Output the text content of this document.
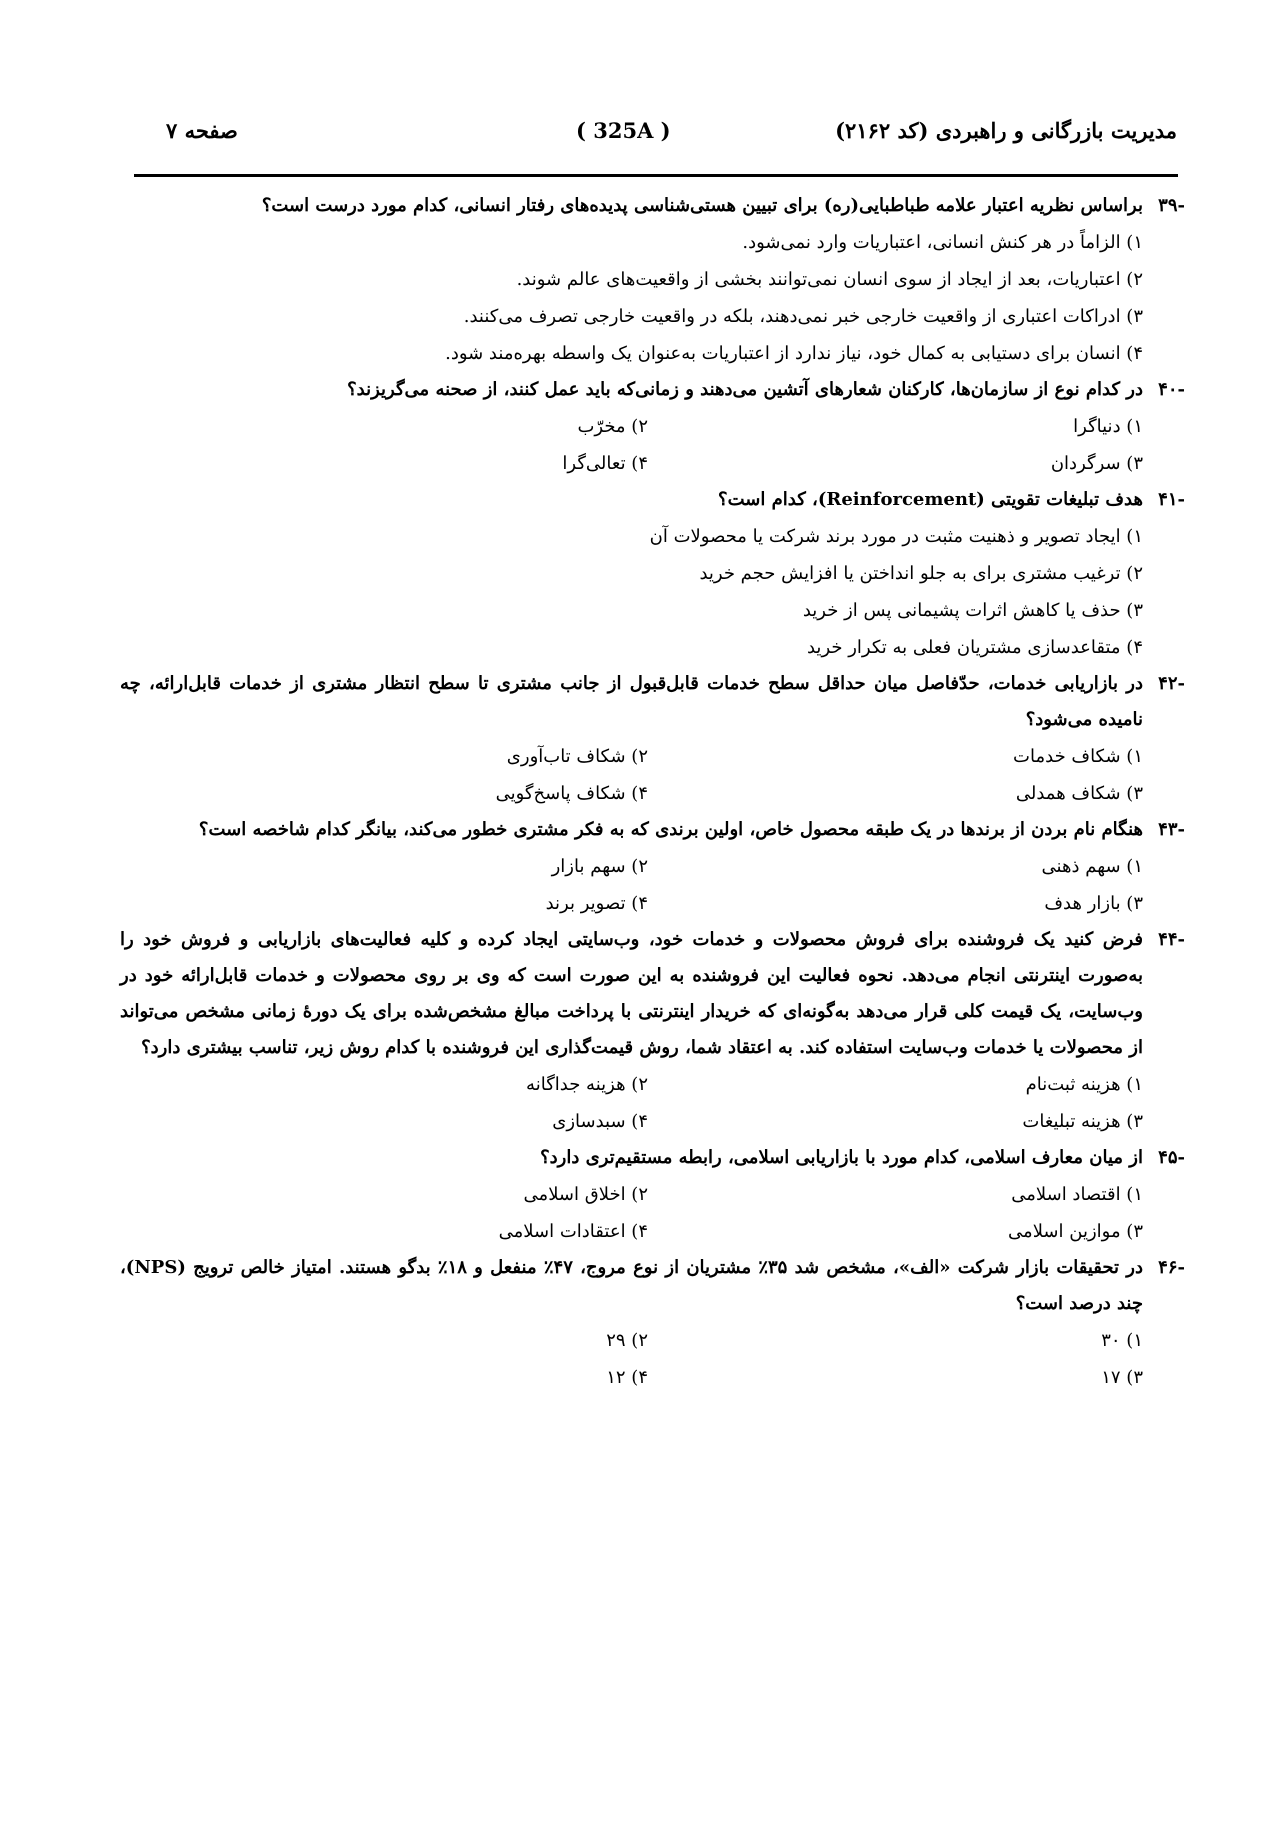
مدیریت بازرگانی و راهبردی (کد ۲۱۶۲)
( 325A )
صفحه ۷
-۳۹
براساس نظریه اعتبار علامه طباطبایی(ره) برای تبیین هستی‌شناسی پدیده‌های رفتار انسانی، کدام مورد درست است؟
۱) الزاماً در هر کنش انسانی، اعتباریات وارد نمی‌شود.
۲) اعتباریات، بعد از ایجاد از سوی انسان نمی‌توانند بخشی از واقعیت‌های عالم شوند.
۳) ادراکات اعتباری از واقعیت خارجی خبر نمی‌دهند، بلکه در واقعیت خارجی تصرف می‌کنند.
۴) انسان برای دستیابی به کمال خود، نیاز ندارد از اعتباریات به‌عنوان یک واسطه بهره‌مند شود.
-۴۰
در کدام نوع از سازمان‌ها، کارکنان شعارهای آتشین می‌دهند و زمانی‌که باید عمل کنند، از صحنه می‌گریزند؟
۱) دنیاگرا
۲) مخرّب
۳) سرگردان
۴) تعالی‌گرا
-۴۱
هدف تبلیغات تقویتی (Reinforcement)، کدام است؟
۱) ایجاد تصویر و ذهنیت مثبت در مورد برند شرکت یا محصولات آن
۲) ترغیب مشتری برای به جلو انداختن یا افزایش حجم خرید
۳) حذف یا کاهش اثرات پشیمانی پس از خرید
۴) متقاعدسازی مشتریان فعلی به تکرار خرید
-۴۲
در بازاریابی خدمات، حدّفاصل میان حداقل سطح خدمات قابل‌قبول از جانب مشتری تا سطح انتظار مشتری از خدمات قابل‌ارائه، چه نامیده می‌شود؟
۱) شکاف خدمات
۲) شکاف تاب‌آوری
۳) شکاف همدلی
۴) شکاف پاسخ‌گویی
-۴۳
هنگام نام بردن از برندها در یک طبقه محصول خاص، اولین برندی که به فکر مشتری خطور می‌کند، بیانگر کدام شاخصه است؟
۱) سهم ذهنی
۲) سهم بازار
۳) بازار هدف
۴) تصویر برند
-۴۴
فرض کنید یک فروشنده برای فروش محصولات و خدمات خود، وب‌سایتی ایجاد کرده و کلیه فعالیت‌های بازاریابی و فروش خود را به‌صورت اینترنتی انجام می‌دهد. نحوه فعالیت این فروشنده به این صورت است که وی بر روی محصولات و خدمات قابل‌ارائه خود در وب‌سایت، یک قیمت کلی قرار می‌دهد به‌گونه‌ای که خریدار اینترنتی با پرداخت مبالغ مشخص‌شده برای یک دورهٔ زمانی مشخص می‌تواند از محصولات یا خدمات وب‌سایت استفاده کند. به اعتقاد شما، روش قیمت‌گذاری این فروشنده با کدام روش زیر، تناسب بیشتری دارد؟
۱) هزینه ثبت‌نام
۲) هزینه جداگانه
۳) هزینه تبلیغات
۴) سبدسازی
-۴۵
از میان معارف اسلامی، کدام مورد با بازاریابی اسلامی، رابطه مستقیم‌تری دارد؟
۱) اقتصاد اسلامی
۲) اخلاق اسلامی
۳) موازین اسلامی
۴) اعتقادات اسلامی
-۴۶
در تحقیقات بازار شرکت «الف»، مشخص شد ۳۵٪ مشتریان از نوع مروج، ۴۷٪ منفعل و ۱۸٪ بدگو هستند. امتیاز خالص ترویج (NPS)، چند درصد است؟
۱) ۳۰
۲) ۲۹
۳) ۱۷
۴) ۱۲
